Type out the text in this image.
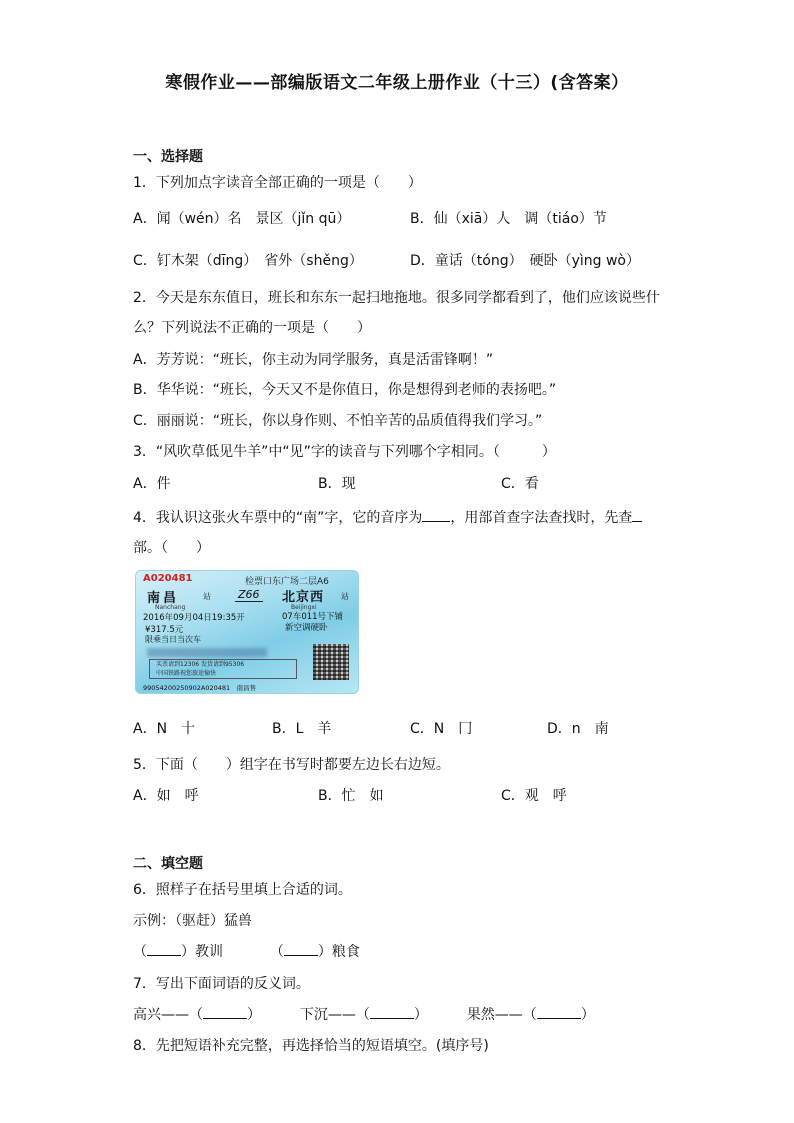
寒假作业——部编版语文二年级上册作业（十三）(含答案）
一、选择题
1．下列加点字读音全部正确的一项是（　　）
A．闻（wén）名　景区（jǐn qū）	B．仙（xiā）人　调（tiáo）节
C．钉木架（dīng）　省外（shěng）	D．童话（tóng）　硬卧（yìng wò）
2．今天是东东值日，班长和东东一起扫地拖地。很多同学都看到了，他们应该说些什
么？下列说法不正确的一项是（　　）
A．芳芳说：“班长，你主动为同学服务，真是活雷锋啊！”
B．华华说：“班长，今天又不是你值日，你是想得到老师的表扬吧。”
C．丽丽说：“班长，你以身作则、不怕辛苦的品质值得我们学习。”
3．“风吹草低见牛羊”中“见”字的读音与下列哪个字相同。（　　　）
A．件	B．现	C．看
4．我认识这张火车票中的“南”字，它的音序为 ，用部首查字法查找时，先查
部。（　　）
A020481	检票口东广场二层A6
南昌	站
Nanchang
Z66 北京西 站
Beijingxi
2016年09月04日19:35开	07车011号下铺
¥317.5元	新空调硬卧
限乘当日当次车
买票请到12306 发货请到95306
中国铁路祝您旅途愉快
99054200250902A020481　南昌售
A．N　十	B．L　羊	C．N　冂	D．n　南
5．下面（　　）组字在书写时都要左边长右边短。
A．如　呼	B．忙　如	C．观　呼
二、填空题
6．照样子在括号里填上合适的词。
示例：（驱赶）猛兽
（ ）教训	（ ）粮食
7．写出下面词语的反义词。
高兴——（	）	下沉——（	）	果然——（	）
8．先把短语补充完整，再选择恰当的短语填空。(填序号)
